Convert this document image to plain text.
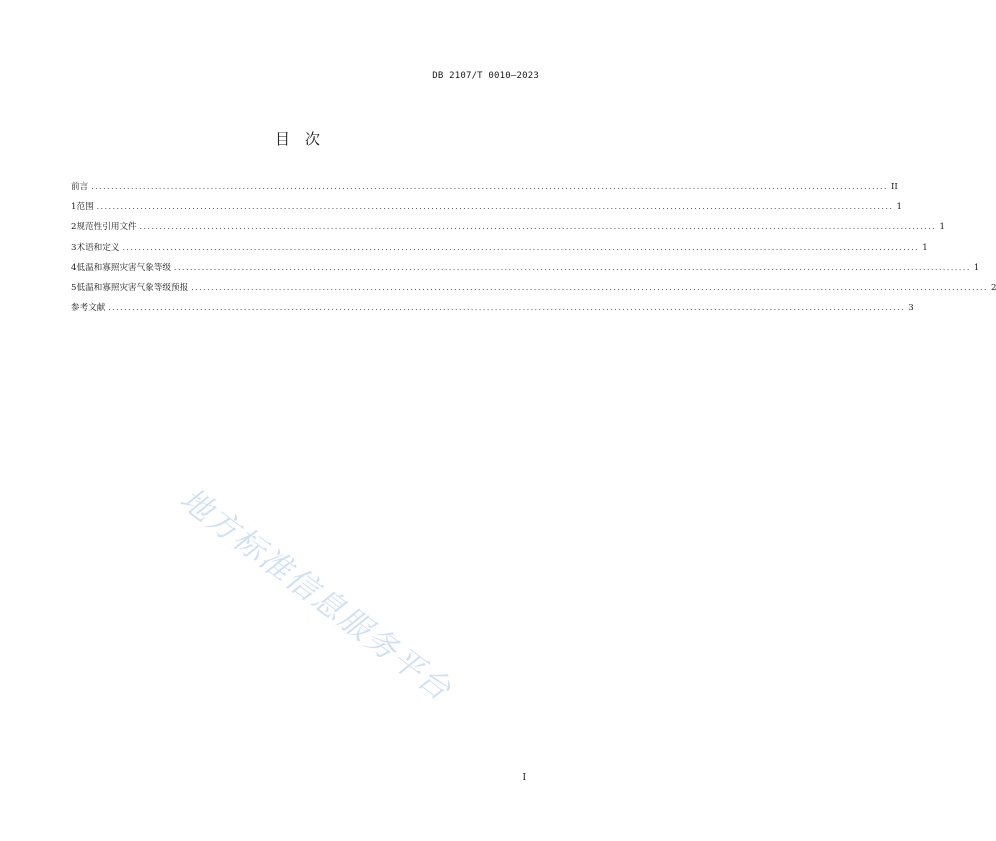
DB 2107/T 0010—2023
目　次
前言 ........................................................................................................................................................................................................ II
1 范围 ........................................................................................................................................................................................................ 1
2 规范性引用文件 ........................................................................................................................................................................................................ 1
3 术语和定义 ........................................................................................................................................................................................................ 1
4 低温和寡照灾害气象等级 ........................................................................................................................................................................................................ 1
5 低温和寡照灾害气象等级预报 ........................................................................................................................................................................................................ 2
参考文献 ........................................................................................................................................................................................................ 3
地方标准信息服务平台
I
